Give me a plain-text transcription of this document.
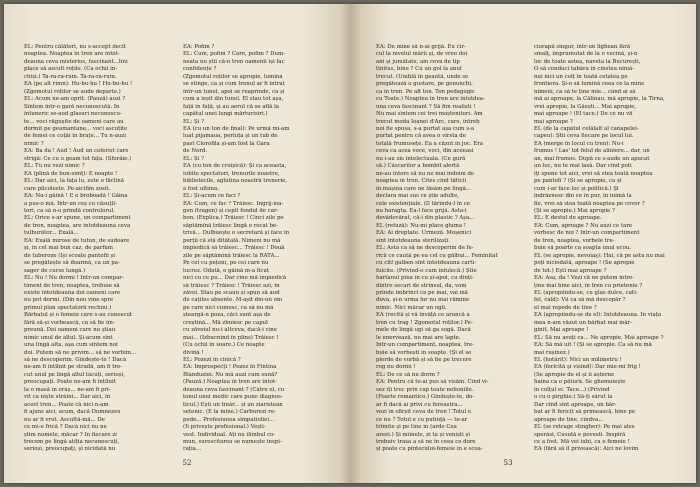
EL: Pentru călători, nu s-accept decît
noaptea. Noaptea în tren are întot-
deauna ceva misterios, fascinant...Îmi
place să ascult roțile. (Ca ochii în-
chiși.) Ta-ra-ra-rum. Ta-ra-ra-rum.
EA (pe alt rimn): Hu-bu-hu ! Hu-bu-hu !
(Zgomotul roților se aude departe.)
EL: Acum ne-am oprit. (Pauză) auzi ?
Sîntem într-o gară necunoscută. În
întuneric se-aud glasuri necunoscu-
te... voci răgușite de oameni care au
dormit pe geamantane... voci ascuțite
de femei ce coțăi în brațe... Tu n-auzi
nimic ?
EA: Ba da ! Aud ! Aud un ceferist care
strigă: Ce cu o geam tot fața. (Sforăie.)
EL: Tu nu vezi nimic ?
EA (plină de bun-simț): E noapte !
EL: Dar aici, la fața lu, este o făclină
care pîlcoleste. Pe-aicifim zosit.
EA: Nu-i găină ! E o broboadă ! Găina
a pus-o mă. Într-un ceș cu căsuțli-
tori, ca să n-o prindă controlorul.
EL: Orice s-ar spune, un compartiment
de tren, noaptea, are întotdeauna ceva
tulburător... Exală...
EA: Exală mirose de tutun, de sudoare
și, în cel mai bun caz, de parfum
de tuberoze (Își scoate pantofii și
se pregătește să doarmă, ca un pa-
sager de curse lungă.)
EL: Nu ! Nu dormi ! Într-un compar-
timent de tren, noaptea, trebuie să
existe întotdeauna doi oameni care
nu pot dormi. (Din nou vine spre
primul plan spectatorii rechini.)
Bărbatul și o femeie care s-au cunoscut
fără să-și vorbească, ca să fie îm-
preună. Doi oameni care nu știau
nimic unul de altul. Și-acum sînt
una lîngă alta, așa cum sîntem noi
doi. Putem să ne privim... să ne vorbim...
să ne descoperim. Gîndește-te ! Dacă
ne-am fi întîlnit pe stradă, am fi tre-
cut unul pe lîngă altul tăcuți, serioși,
preocupați. Poate ne-am fi întîlnit
la o masă în oraș... ne-am fi pri-
vit ca niște străini... Dar aici, în
acest tren... Poate că nici n-am
fi ajuns aici, acum, dacă Dumnezeu
nu ar fi vrut. Ascultă-mă... De
ce mi-e frică ? Dacă nici nu ne
știm numele, măcar ? În fiecare zi
trecem pe lîngă atîția necunoscuți,
serioși, preocupați, și nicidată nu
EA: Pofim ?
EL: Cum, pofim ? Care, pofim ? Dum-
neata nu știi că-n tren oamenii își fac
confidențe ?
(Zgomotul roților se apropie, lumina
se stinge, ca și cum trenul ar fi intrat
într-un tunel, apoi se reaprinde, ca și
cum a ieșit din tunel. El stau tot așa,
față în față, și au aerul că se află la
capătul unei lungi mărturisiri.)
EL: Și ?
EA (cu un ton de final): Pe urmă mi-am
luat pijamaua, periuța și un tub de
past Clorofila și-am fost la Gara
de Nord.
EL: Și ?
EA (cu ton de croișică): Și ca aceasta,
iubito spectatori, trenurile noastre,
bibliotecile, aglutina noastră trenerie,
a fost ultima.
EL: Și-acum ce faci ?
EA: Cum, ce fac ? Trăiesc. Îngrij-ioa-
gen (tragen) și cepit fondul de car-
bon. (Explica.) Trăiesc ! Cinci zile pe
săptămînă trăiesc lîngă o rocat be-
trivă... Dulbuește o secretară și face în
perții că stă ditătală. Nimeni nu mă
împiedică să trăiesc... Trăiesc ! Două
zile pe săptămînă trăiesc la RATA...
Pe cei cu pețeni, pe cei care nu
lucrez. Odată, o găină m-a ficut
nici cu ce pu... Dar cine mă împiedică
să trăiesc ? Trăiesc ! Trăiesc azi, în
zăvoi. Stau pe scaun și spun să aud
de cațiles absente. M-așit dm-un om
pe care nici cumosc, ca să nu mă
șteargă-n poza, căci sunt așa de
creștină... Mă zbuiesc pe capul
cu zăvoiul nu-i altceva, dacă-i cine
mai... (Izbucnind în plîns) Trăiesc !
(Cu ochii în soare.) Ce noapte
divină !
EL: Pozezi în cinică ?
EA: Împrospecți ! Pozez în Fîntina
Blanduziei. Nu mă auzi cum sună?
(Pauză.) Noaptea în tren are întot-
deauna ceva fascinant ? (Către el, cu
tonul unei medic care pune diagnos-
ticul.) Ești un tînăr... și un ziaristean
setenic. (E la mine.) Carburezi re-
pede... Profesiunea simpatioliei...
(Îi privește profesional.) Vești-
vest. Individual. Ați nu ilimbul co-
mun, surescitarea se numește inspi-
rația...
52
EA: De mine să n-ai grijă. Eu cir-
cul la nivelul mării și, de vreo doi
ani și jumătate, am ceva de tip
tinitus, bine ? Cu un gol la anul
trecut. (Umblă în geantă, unde se
pregătează o gustare, pe genunchi,
ca în tren. Pe alt ton. Ton pedagogic
cu Toate.) Noaptea în tren are întotdea-
una ceva fascinant ? Să fim realiști !
Nu mai sîntem cei trei moștenitori. Am
trecut moda Ioanei d'Arc, care, întreb
noi fie spusa, s-a purtat așa cum s-a
purtat pentru că avea o vîrsta de
totală frumusețe. Ea a căzut în joc. Era
ceva ca acea voce, voci, din aceeasi
nu i-au zis întelectuala. (Ce gură
să.) Căscarilor a bombit alertă
ne-au întors să nu ne mai îndoim de
noaptea în tren. Cîtes cind tăticii
în mașina care ne lăsăm pe lîngă...
declara mai sus ce știe adulte,
cele existențiale. (Îl tărîndu-l în ce
nu haragta. Ea-l face grijă. Asta-i
devădevărat, că-i din plastic ? Așa...
EL (refuză): Nu-mi place gluma !
EA: Ai dreptate. Urmeză. Moșenici
sînt întotdeauna sterilizați.
EL: Asta ca să ne descoperim de fe-
ricii ce caută pe ea cel cu gălbui... Feminitat
cu cîtf galben sînt întotdeauna carti-
fuicite. (Privind-o cum înfulecă.) Știe
hartanul pîna în cu și-apoi, cu dinți-
dintre secari de strînsul, da, vom
prinde îmbrînci ca pe mai, vai mă
duva, și-n urma lor nu mai rămîne
nimic. Nici măcar un ogli.
EA (recită și vă învăță ce aruncă a
tren cu trag ! Zgomotul roților.) Pe-
mele de lingă ugi să ga sogă. Dacă
le enervează, nu mai are lapte.
Într-un compartiment, noaptea, tre-
buie să vorbești în soapte. (Și el se
pierde de vorbă și să fie pe trecere
rog nu dormi !
EL: De ce să nu dorm ?
EA: Pentru că te-ai pus să visăm. Cînd vi-
sez îți trec prin cap toate nebuniile.
(Foarte romantico.) Gîndește-te, do-
ar fi dacă ai privi cu fereastra...
vezi în sfîrșit ceva de tren ! Totul e
ce nu ? Totul e cu putință — te-ar
trimite și pe tine în (arde Cea
areei.) Și mîinele, zi ta și veniști și
trebuiv trasa a să ne în ceea ce dore
și poate cu pîntecului-femeie în e scoa-
ciorapii singur, într-un lighean fără
smalț, împrumutat de la o vecină, și-n
loc de toate astea, naveta la București,
O să conduci tabăra în cinstea nimă-
nui nici un colț în toată cetatea pe
frontiera. Și-o să lumină ceea ce la mine
nimeni, ca să te ține mie... când ai să
mă ai aproape, la Călinau, mă apropie, la Tîrna,
vrei apropie, la Găești... Mai apropie,
mai aproape ! (El tace.) De ce nu vii
mai aproape ?
EL (de la capătul celălalt al canapelei-
capeu): Știi ceva fiecare pe locul lui.
EA (merge în locul cu tren): Nu-i
frumos ! Las' tot felul de aliniere... dar, un
an, mai frumos. După ce s-aude un apucat
un loc, nu te mai lasă. Dar cînd poti
îți spune tot aici, vrei să stea toată noaptea
pe pantofi ? (Și se apropie, ca și
cum i-ar face loc și politică.) Și
îndrăznesc din ce în pur, în inimă la
fie, vrei să stea toată noaptea pe covor ?
(Și se apropie.) Mai apropie ?
EL: E destul de aproape.
EA: Cum, aproape ? Nu auzi ce tare
vorbesc de noi ? Într-un compartiment
de tren, noaptea, vorbele tre-
buie să poarte ca șoapta unui ecou.
EL (se apropie, nevoiaș): Hai, că pe asta nu mai
poți niciodată, aproape ! (Se apropie
de tot.) Ești mai aproape ?
EA: Asa, da ! Vezi că ne putem între-
ține mai bine aici, în tren cu prietenie ?
EL (apropiindu-se, cu glas dulce, cati-
fel, cald): Vii ca să mă descopăr ?
el mai repede de tine ?
EA (apropiindu-se de el): Întotdeauna. În viața
mea n-am văzut un bărbat mai măr-
ginit. Mai aproape !
EL: Să nu aveți ca... Ne apropie. Mai aproape ?
EA: Să mă uit ! (Și se apropie. Ca să nu mă
mai rușinez.)
EL (hotărît): Nici un milimetru !
EA (fericită și visînd): Dar mie-mi frig !
(Se apropie de el și îi așterne
haina ca o pătură. Se ghemuiește
în colțul ei. Tace...) (Privind
o cu o pîrghie.) Să-ți sărut la
Dar cînd sînt aproape, un băr-
bat ar fi fericit să primească, bine pe
aproape de tine, cîndva...
EL (se retrage stingher): Pe mai ales
sperăsi, Cusută e povesti. Inspiră
ce a fost. Mă vei iubi, ca o femeie !
EA (fără să îl privească): Aici ne lovim

53
